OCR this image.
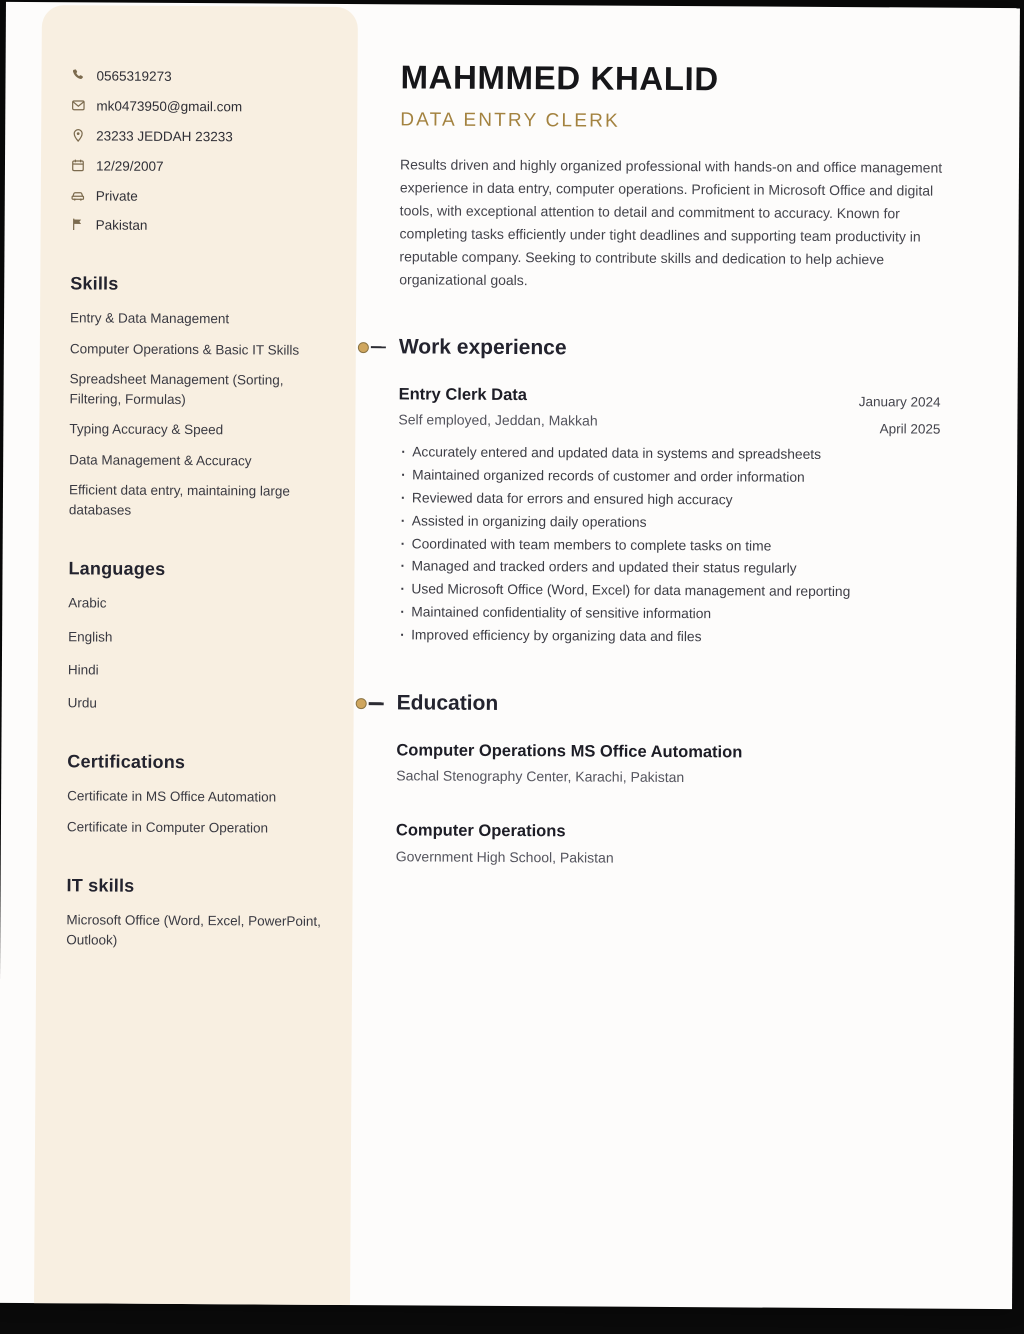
0565319273
mk0473950@gmail.com
23233 JEDDAH 23233
12/29/2007
Private
Pakistan
Skills
Entry & Data Management
Computer Operations & Basic IT Skills
Spreadsheet Management (Sorting, Filtering, Formulas)
Typing Accuracy & Speed
Data Management & Accuracy
Efficient data entry, maintaining large databases
Languages
Arabic
English
Hindi
Urdu
Certifications
Certificate in MS Office Automation
Certificate in Computer Operation
IT skills
Microsoft Office (Word, Excel, PowerPoint, Outlook)
MAHMMED KHALID
DATA ENTRY CLERK

Results driven and highly organized professional with hands-on and office management experience in data entry, computer operations. Proficient in Microsoft Office and digital tools, with exceptional attention to detail and commitment to accuracy. Known for completing tasks efficiently under tight deadlines and supporting team productivity in reputable company. Seeking to contribute skills and dedication to help achieve organizational goals.

Work experience
Entry Clerk Data

Self employed, Jeddan, Makkah

January 2024
April 2025
· Accurately entered and updated data in systems and spreadsheets
· Maintained organized records of customer and order information
· Reviewed data for errors and ensured high accuracy
· Assisted in organizing daily operations
· Coordinated with team members to complete tasks on time
· Managed and tracked orders and updated their status regularly
· Used Microsoft Office (Word, Excel) for data management and reporting
· Maintained confidentiality of sensitive information
· Improved efficiency by organizing data and files
Education
Computer Operations MS Office Automation

Sachal Stenography Center, Karachi, Pakistan

Computer Operations

Government High School, Pakistan
